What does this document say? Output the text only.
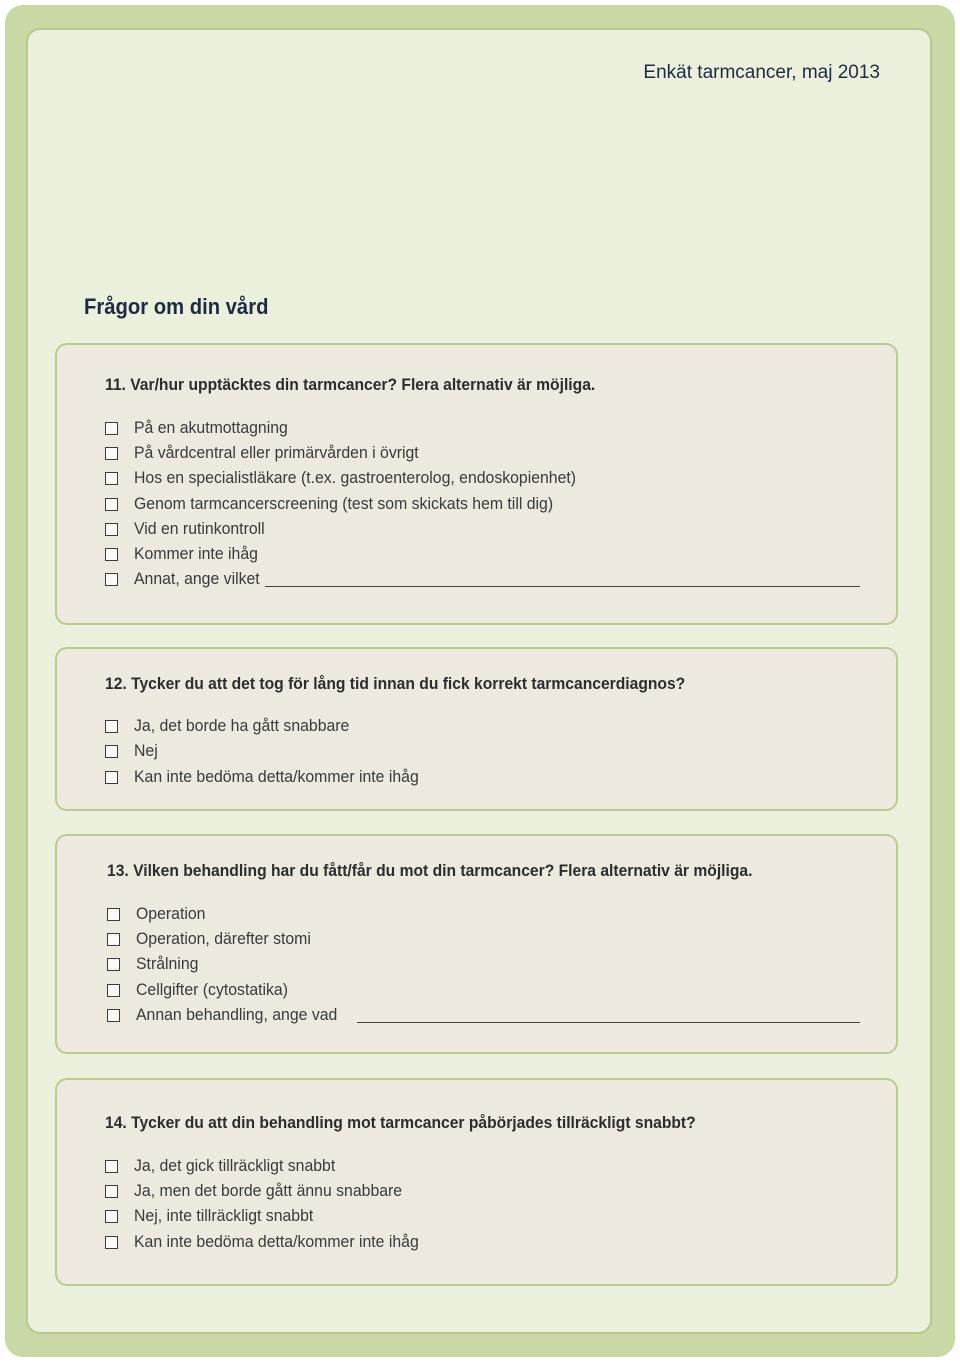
Enkät tarmcancer, maj 2013
Frågor om din vård
11. Var/hur upptäcktes din tarmcancer? Flera alternativ är möjliga.
På en akutmottagning
På vårdcentral eller primärvården i övrigt
Hos en specialistläkare (t.ex. gastroenterolog, endoskopienhet)
Genom tarmcancerscreening (test som skickats hem till dig)
Vid en rutinkontroll
Kommer inte ihåg
Annat, ange vilket
12. Tycker du att det tog för lång tid innan du fick korrekt tarmcancerdiagnos?
Ja, det borde ha gått snabbare
Nej
Kan inte bedöma detta/kommer inte ihåg
13. Vilken behandling har du fått/får du mot din tarmcancer? Flera alternativ är möjliga.
Operation
Operation, därefter stomi
Strålning
Cellgifter (cytostatika)
Annan behandling, ange vad
14. Tycker du att din behandling mot tarmcancer påbörjades tillräckligt snabbt?
Ja, det gick tillräckligt snabbt
Ja, men det borde gått ännu snabbare
Nej, inte tillräckligt snabbt
Kan inte bedöma detta/kommer inte ihåg
